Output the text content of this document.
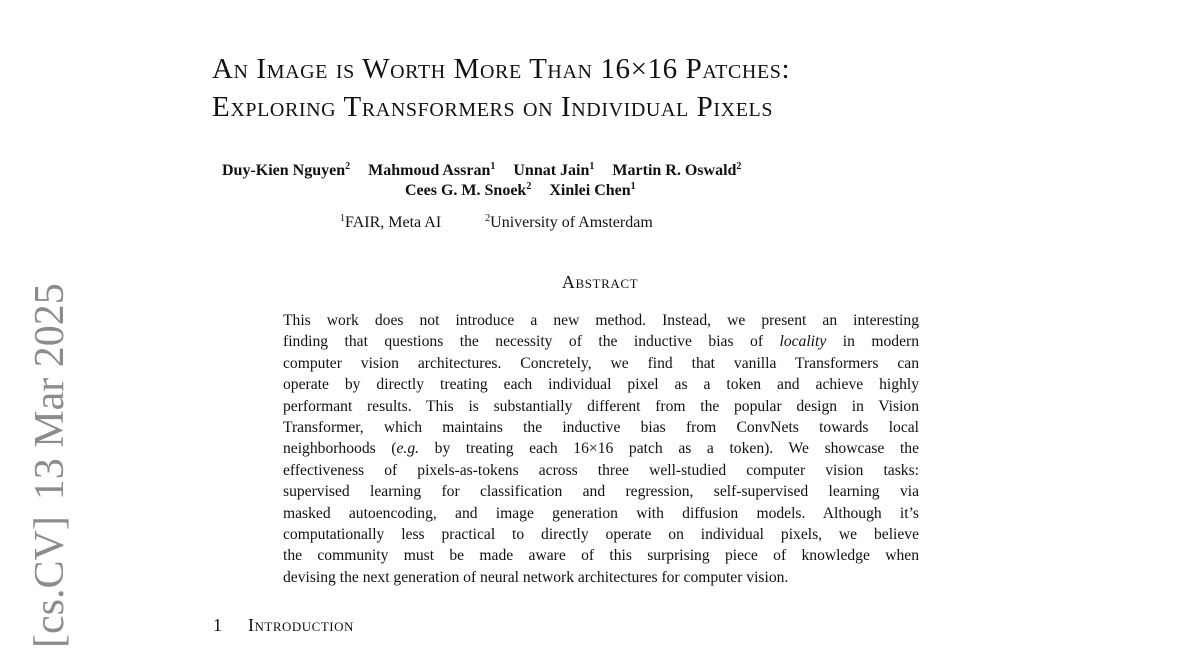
[cs.CV]13 Mar 2025
An Image is Worth More Than 16×16 Patches:
Exploring Transformers on Individual Pixels
Duy-Kien Nguyen$^2$ Mahmoud Assran$^1$ Unnat Jain$^1$ Martin R. Oswald$^2$
Cees G. M. Snoek$^2$ Xinlei Chen$^1$
$^1$FAIR, Meta AI	$^2$University of Amsterdam
Abstract
This work does not introduce a new method. Instead, we present an interesting
finding that questions the necessity of the inductive bias of locality in modern
computer vision architectures. Concretely, we find that vanilla Transformers can
operate by directly treating each individual pixel as a token and achieve highly
performant results. This is substantially different from the popular design in Vision
Transformer, which maintains the inductive bias from ConvNets towards local
neighborhoods (e.g. by treating each 16×16 patch as a token). We showcase the
effectiveness of pixels-as-tokens across three well-studied computer vision tasks:
supervised learning for classification and regression, self-supervised learning via
masked autoencoding, and image generation with diffusion models. Although it’s
computationally less practical to directly operate on individual pixels, we believe
the community must be made aware of this surprising piece of knowledge when
devising the next generation of neural network architectures for computer vision.
1 Introduction
